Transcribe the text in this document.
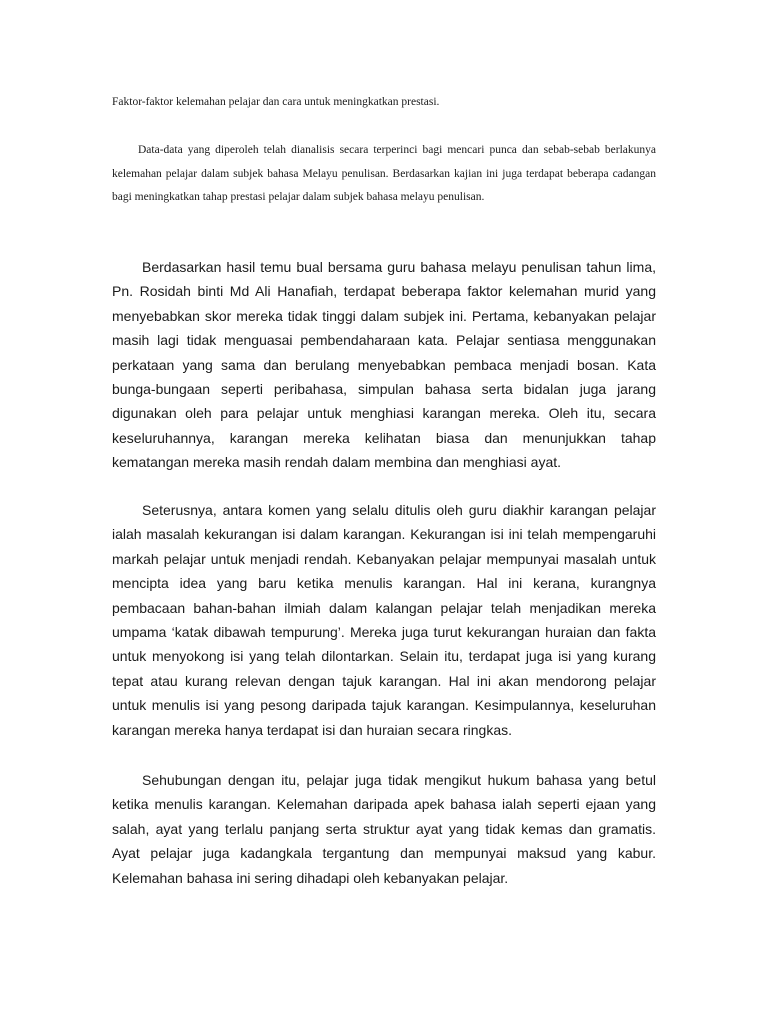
Faktor-faktor kelemahan pelajar dan cara untuk meningkatkan prestasi.

Data-data yang diperoleh telah dianalisis secara terperinci bagi mencari punca dan sebab-sebab berlakunya kelemahan pelajar dalam subjek bahasa Melayu penulisan. Berdasarkan kajian ini juga terdapat beberapa cadangan bagi meningkatkan tahap prestasi pelajar dalam subjek bahasa melayu penulisan.

Berdasarkan hasil temu bual bersama guru bahasa melayu penulisan tahun lima, Pn. Rosidah binti Md Ali Hanafiah, terdapat beberapa faktor kelemahan murid yang menyebabkan skor mereka tidak tinggi dalam subjek ini. Pertama, kebanyakan pelajar masih lagi tidak menguasai pembendaharaan kata. Pelajar sentiasa menggunakan perkataan yang sama dan berulang menyebabkan pembaca menjadi bosan. Kata bunga-bungaan seperti peribahasa, simpulan bahasa serta bidalan juga jarang digunakan oleh para pelajar untuk menghiasi karangan mereka. Oleh itu, secara keseluruhannya, karangan mereka kelihatan biasa dan menunjukkan tahap kematangan mereka masih rendah dalam membina dan menghiasi ayat.

Seterusnya, antara komen yang selalu ditulis oleh guru diakhir karangan pelajar ialah masalah kekurangan isi dalam karangan. Kekurangan isi ini telah mempengaruhi markah pelajar untuk menjadi rendah. Kebanyakan pelajar mempunyai masalah untuk mencipta idea yang baru ketika menulis karangan. Hal ini kerana, kurangnya pembacaan bahan-bahan ilmiah dalam kalangan pelajar telah menjadikan mereka umpama ‘katak dibawah tempurung’. Mereka juga turut kekurangan huraian dan fakta untuk menyokong isi yang telah dilontarkan. Selain itu, terdapat juga isi yang kurang tepat atau kurang relevan dengan tajuk karangan. Hal ini akan mendorong pelajar untuk menulis isi yang pesong daripada tajuk karangan. Kesimpulannya, keseluruhan karangan mereka hanya terdapat isi dan huraian secara ringkas.

Sehubungan dengan itu, pelajar juga tidak mengikut hukum bahasa yang betul ketika menulis karangan. Kelemahan daripada apek bahasa ialah seperti ejaan yang salah, ayat yang terlalu panjang serta struktur ayat yang tidak kemas dan gramatis. Ayat pelajar juga kadangkala tergantung dan mempunyai maksud yang kabur. Kelemahan bahasa ini sering dihadapi oleh kebanyakan pelajar.
